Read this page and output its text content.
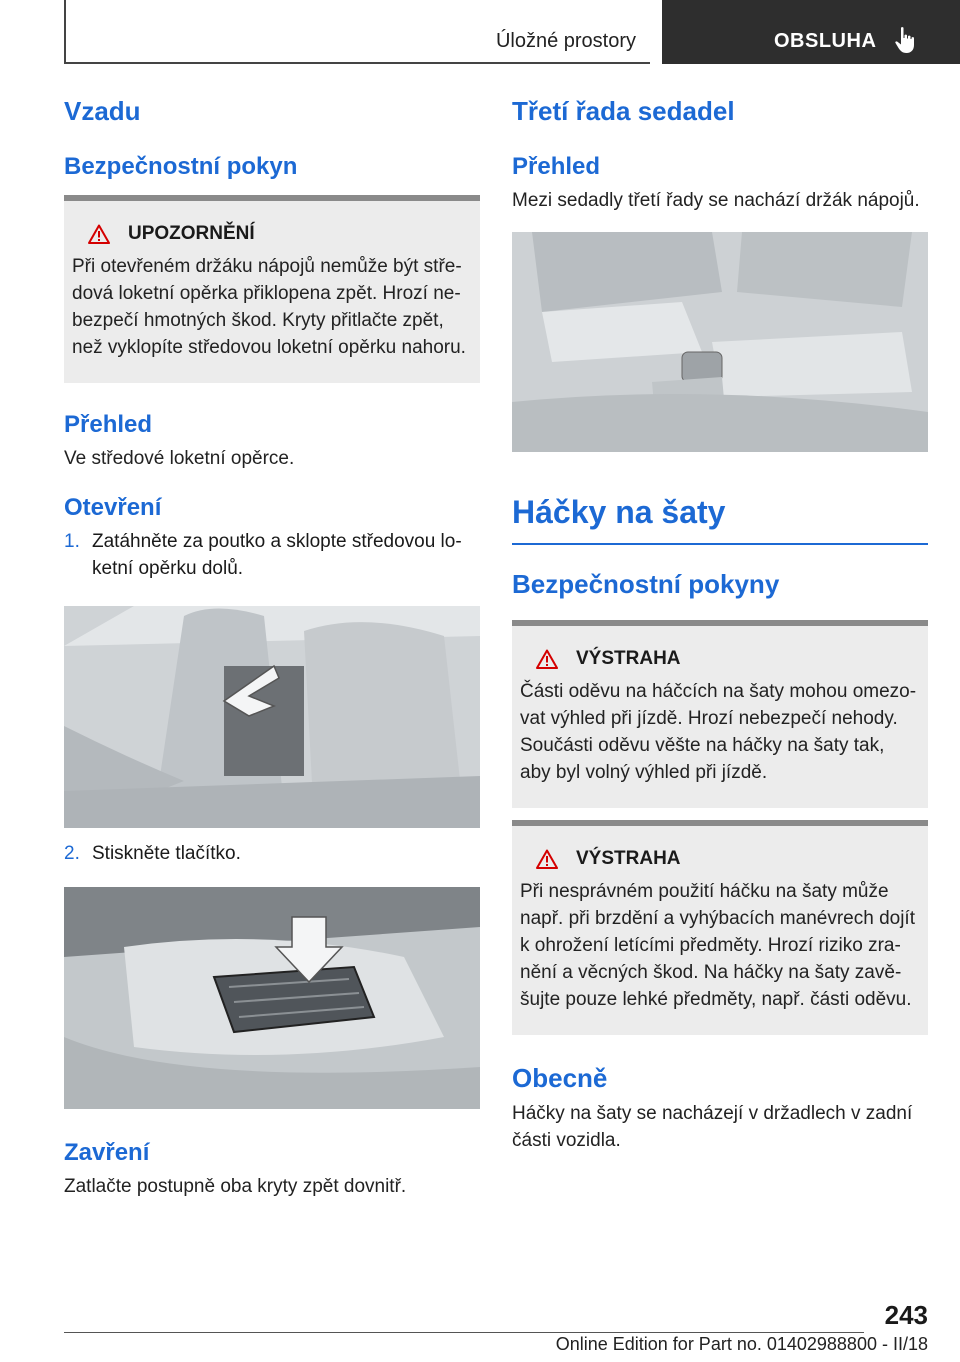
Úložné prostory	OBSLUHA
Vzadu
Bezpečnostní pokyn
UPOZORNĚNÍ
Při otevřeném držáku nápojů nemůže být středová loketní opěrka přiklopena zpět. Hrozí nebezpečí hmotných škod. Kryty přitlačte zpět, než vyklopíte středovou loketní opěrku nahoru.
Přehled
Ve středové loketní opěrce.
Otevření
1. Zatáhněte za poutko a sklopte středovou loketní opěrku dolů.
2. Stiskněte tlačítko.
Zavření
Zatlačte postupně oba kryty zpět dovnitř.
Třetí řada sedadel
Přehled
Mezi sedadly třetí řady se nachází držák nápojů.
Háčky na šaty
Bezpečnostní pokyny
VÝSTRAHA
Části oděvu na háčcích na šaty mohou omezovat výhled při jízdě. Hrozí nebezpečí nehody. Součásti oděvu věšte na háčky na šaty tak, aby byl volný výhled při jízdě.
VÝSTRAHA
Při nesprávném použití háčku na šaty může např. při brzdění a vyhýbacích manévrech dojít k ohrožení letícími předměty. Hrozí riziko zranění a věcných škod. Na háčky na šaty zavěšujte pouze lehké předměty, např. části oděvu.
Obecně
Háčky na šaty se nacházejí v držadlech v zadní části vozidla.
243
Online Edition for Part no. 01402988800 - II/18
